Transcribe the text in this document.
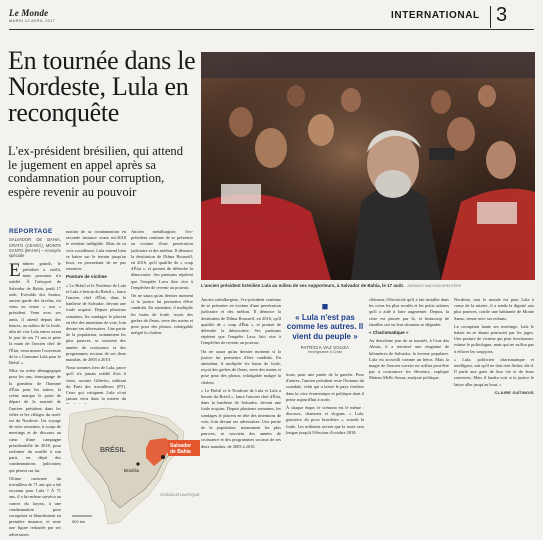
Le Monde
MARDI 12 AVRIL 2017	INTERNATIONAL 3
En tournée dans le Nordeste, Lula en reconquête

L'ex-président brésilien, qui attend le jugement en appel après sa condamnation pour corruption, espère revenir au pouvoir

REPORTAGE

SALVADOR DE BAHIA, CRATO (CEARÁ), MONTE SANTO (BAHIA) – envoyée spéciale

Embien grandi, le président a vieilli, mais personne n'a oublié. À l'aéroport de Salvador de Bahia, jeudi 17 août, Everaldo dos Santos, ancien garde des favelas, est venu en tenue « son » président. Venu avec ses amis, il attend depuis des heures, au milieu de la foule, afin de voir Lula entrer avant le jour de ses 71 ans et prier la main de l'ancien chef de l'État, venu mener l'ouverture de la « Caravane Lula pour le Brésil ».

Mise en scène démagogique pour les uns, témoignage de la grandeur de l'homme d'État pour les autres, la scène marque le point de départ de la tournée de l'ancien président dans les villes et les villages du nord-est du Nordeste. Un voyage de trois semaines, à coups de meetings et de discours au cœur d'une campagne présidentielle de 2018, pour redonner du souffle à son parti, en dépit des condamnations judiciaires qui pèsent sur lui.

Ultime caravane du travailleur de 71 ans qui a été reconnu pour Lula ? À 71 ans, il a lui-même survécu au cancer du larynx, à une condamnation pour corruption et blanchiment en première instance, et reste une figure redoutée par ses adversaires.

mation de sa condamnation en seconde instance avant mi-2018 le rendrait inéligible. Mais de sa voix rocailleuse, Lula entend bien se battre sur le terrain jusqu'au bout, en promettant de ne pas renoncer.

Posture de victime

« Le Brésil et le Nordeste de Lula et Lula a besoin du Brésil », lance l'ancien chef d'État, dans la banlieue de Salvador, devant une foule acquise. Depuis plusieurs semaines, les sondages le placent en tête des intentions de vote, loin devant ses adversaires. Une partie de la population, notamment les plus pauvres, se souvient des années de croissance et des programmes sociaux de ses deux mandats, de 2003 à 2010.

Nous sommes fiers de Lula, parce qu'il n'a jamais oublié d'où il vient, raconte Gilberto, militant du Parti des travailleurs (PT). Ceux qui critiquent Lula n'ont jamais vécu dans la misère du

Ancien métallurgiste, l'ex-président continue de se présenter en victime d'une persécution judiciaire et des médias. Il dénonce la destitution de Dilma Rousseff, en 2016, qu'il qualifie de « coup d'État », et promet de défendre la démocratie. Ses partisans répètent que l'enquête Lava Jato vise à l'empêcher de revenir au pouvoir.

On ne saura qu'au dernier moment si la justice lui permettra d'être candidat. En attendant, il multiplie les bains de foule, reçoit des gerbes de fleurs, serre des mains et pose pour des photos, infatigable malgré la chaleur.

BRÉSIL
Salvador
de Bahia
Brasília
OCÉAN ATLANTIQUE
500 km
L'ancien président brésilien Lula au milieu de ses supporteurs, à Salvador de Bahia, le 17 août. ADRIANO MACHADO/REUTERS

Ancien métallurgiste, l'ex-président continue de se présenter en victime d'une persécution judiciaire et des médias. Il dénonce la destitution de Dilma Rousseff, en 2016, qu'il qualifie de « coup d'État », et promet de défendre la démocratie. Ses partisans répètent que l'enquête Lava Jato vise à l'empêcher de revenir au pouvoir.

On ne saura qu'au dernier moment si la justice lui permettra d'être candidat. En attendant, il multiplie les bains de foule, reçoit des gerbes de fleurs, serre des mains et pose pour des photos, infatigable malgré la chaleur.

« Le Brésil et le Nordeste de Lula et Lula a besoin du Brésil », lance l'ancien chef d'État, dans la banlieue de Salvador, devant une foule acquise. Depuis plusieurs semaines, les sondages le placent en tête des intentions de vote, loin devant ses adversaires. Une partie de la population, notamment les plus pauvres, se souvient des années de croissance et des programmes sociaux de ses deux mandats, de 2003 à 2010.

■
« Lula n'est pas comme les autres. Il vient du peuple »
PATRÍCIA VAZ SOUZA
enseignante à Crato

tions, pour une partie de la gauche. Pour d'autres, l'ancien président reste l'homme du scandale, celui qui a laissé le pays s'enliser dans la crise économique et politique dont il peine aujourd'hui à sortir.

À chaque étape, le scénario est le même : discours, chansons et slogans. « Lula, guerreiro do povo brasileiro », scande la foule. Les militants savent que la route sera longue jusqu'à l'élection d'octobre 2018.

chômeur, l'électricité qu'il a fait installer dans les coins les plus reculés et les petits salaires qu'il a aidé à faire augmenter. Depuis, la crise est passée par là, et beaucoup de familles ont vu leur situation se dégrader.

« Charismatique »

Au deuxième jour de sa tournée, à Cruz das Almas, il a retrouvé une vingtaine de kilomètres de Salvador, la ferveur populaire. Lula est accueilli comme un héros. Mais la magie de l'ancien ouvrier ne suffira peut-être pas à convaincre les électeurs, explique Mateus Mello Souza, analyste politique.

Nordeste, tout le monde est pour Lula à cause de la misère, il a rendu la dignité aux plus pauvres, confie une habitante de Monte Santo, venue avec ses enfants.

La corruption hante ses meetings. Lula le balaie en se disant poursuivi par les juges. Une posture de victime qui peut fonctionner, estime le politologue, mais qui ne suffira pas à effacer les soupçons.

« Lula, politicien charismatique et intelligent, sait qu'il ne doit rien lâcher, dit-il. Il parle aux gens de leur vie et de leurs souvenirs. Mais il faudra voir si la justice le laisse aller jusqu'au bout. »

CLAIRE GATINOIS
